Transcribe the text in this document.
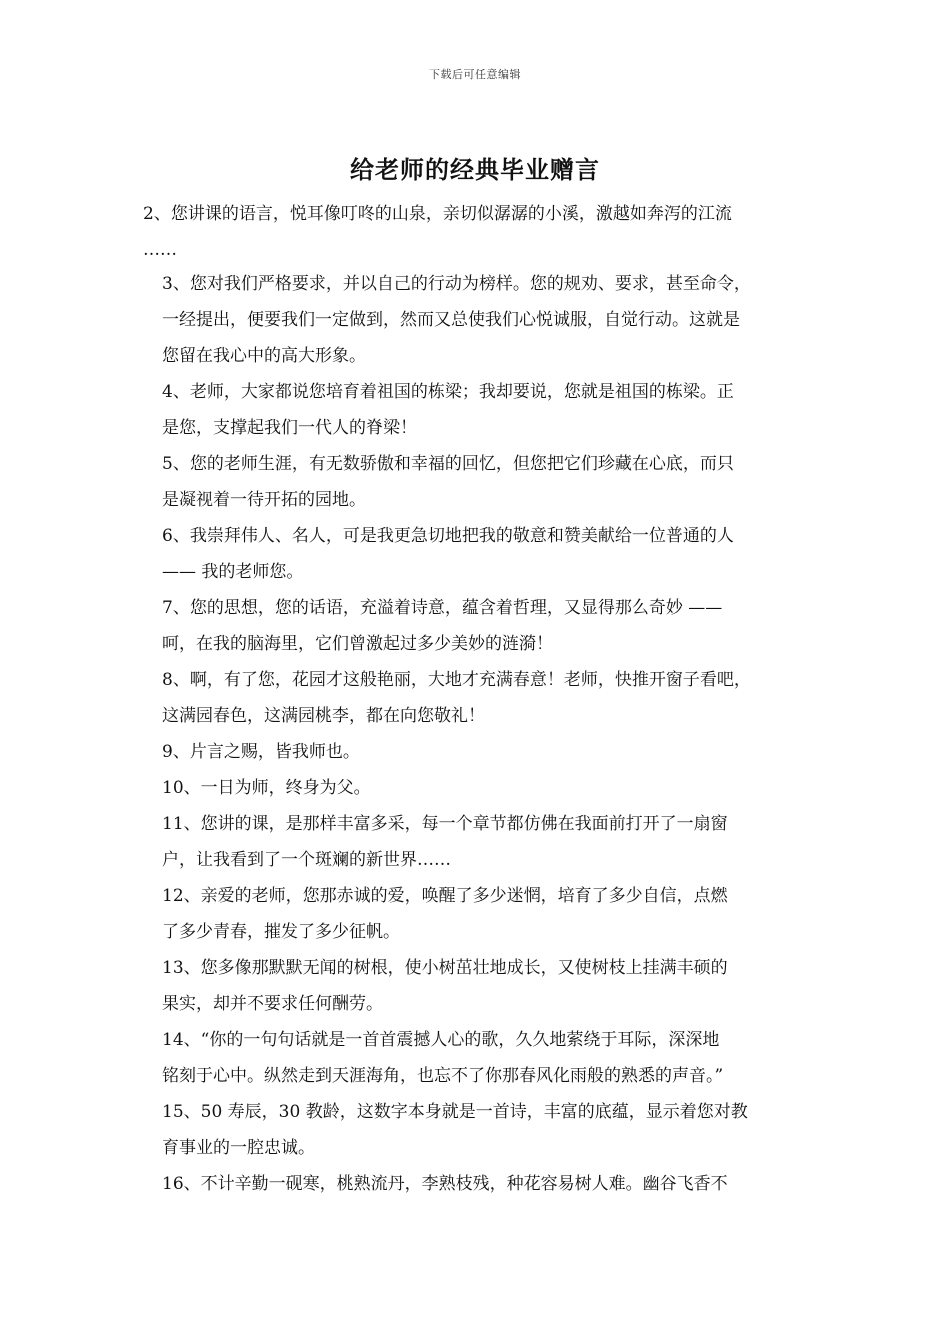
下载后可任意编辑
给老师的经典毕业赠言

2、您讲课的语言，悦耳像叮咚的山泉，亲切似潺潺的小溪，激越如奔泻的江流
……

3、您对我们严格要求，并以自己的行动为榜样。您的规劝、要求，甚至命令，
一经提出，便要我们一定做到，然而又总使我们心悦诚服，自觉行动。这就是
您留在我心中的高大形象。

4、老师，大家都说您培育着祖国的栋梁；我却要说，您就是祖国的栋梁。正
是您，支撑起我们一代人的脊梁！

5、您的老师生涯，有无数骄傲和幸福的回忆，但您把它们珍藏在心底，而只
是凝视着一待开拓的园地。

6、我崇拜伟人、名人，可是我更急切地把我的敬意和赞美献给一位普通的人
—— 我的老师您。

7、您的思想，您的话语，充溢着诗意，蕴含着哲理，又显得那么奇妙 ——
呵，在我的脑海里，它们曾激起过多少美妙的涟漪！

8、啊，有了您，花园才这般艳丽，大地才充满春意！老师，快推开窗子看吧，
这满园春色，这满园桃李，都在向您敬礼！

9、片言之赐，皆我师也。

10、一日为师，终身为父。

11、您讲的课，是那样丰富多采，每一个章节都仿佛在我面前打开了一扇窗
户，让我看到了一个斑斓的新世界……

12、亲爱的老师，您那赤诚的爱，唤醒了多少迷惘，培育了多少自信，点燃
了多少青春，摧发了多少征帆。

13、您多像那默默无闻的树根，使小树茁壮地成长，又使树枝上挂满丰硕的
果实，却并不要求任何酬劳。

14、“你的一句句话就是一首首震撼人心的歌，久久地萦绕于耳际，深深地
铭刻于心中。纵然走到天涯海角，也忘不了你那春风化雨般的熟悉的声音。”

15、50 寿辰，30 教龄，这数字本身就是一首诗，丰富的底蕴，显示着您对教
育事业的一腔忠诚。

16、不计辛勤一砚寒，桃熟流丹，李熟枝残，种花容易树人难。幽谷飞香不
